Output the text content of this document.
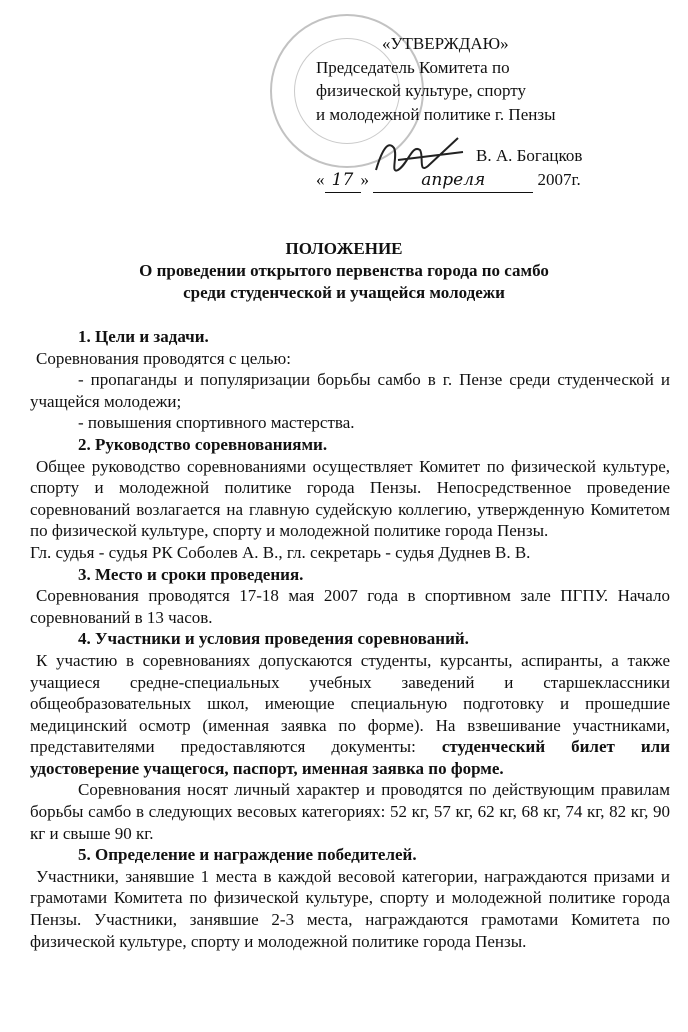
«УТВЕРЖДАЮ»
Председатель Комитета по
физической культуре, спорту
и молодежной политике г. Пензы
В. А. Богацков
« 17 »	апреля	2007г.
ПОЛОЖЕНИЕ
О проведении открытого первенства города по самбо
среди студенческой и учащейся молодежи

1. Цели и задачи.

Соревнования проводятся с целью:

- пропаганды и популяризации борьбы самбо в г. Пензе среди студенческой и учащейся молодежи;

- повышения спортивного мастерства.

2. Руководство соревнованиями.

Общее руководство соревнованиями осуществляет Комитет по физической культуре, спорту и молодежной политике города Пензы. Непосредственное проведение соревнований возлагается на главную судейскую коллегию, утвержденную Комитетом по физической культуре, спорту и молодежной политике города Пензы.

Гл. судья - судья РК Соболев А. В., гл. секретарь - судья Дуднев В. В.

3. Место и сроки проведения.

Соревнования проводятся 17-18 мая 2007 года в спортивном зале ПГПУ. Начало соревнований в 13 часов.

4. Участники и условия проведения соревнований.

К участию в соревнованиях допускаются студенты, курсанты, аспиранты, а также учащиеся средне-специальных учебных заведений и старшеклассники общеобразовательных школ, имеющие специальную подготовку и прошедшие медицинский осмотр (именная заявка по форме). На взвешивание участниками, представителями предоставляются документы: студенческий билет или удостоверение учащегося, паспорт, именная заявка по форме.

Соревнования носят личный характер и проводятся по действующим правилам борьбы самбо в следующих весовых категориях: 52 кг, 57 кг, 62 кг, 68 кг, 74 кг, 82 кг, 90 кг и свыше 90 кг.

5. Определение и награждение победителей.

Участники, занявшие 1 места в каждой весовой категории, награждаются призами и грамотами Комитета по физической культуре, спорту и молодежной политике города Пензы. Участники, занявшие 2-3 места, награждаются грамотами Комитета по физической культуре, спорту и молодежной политике города Пензы.
